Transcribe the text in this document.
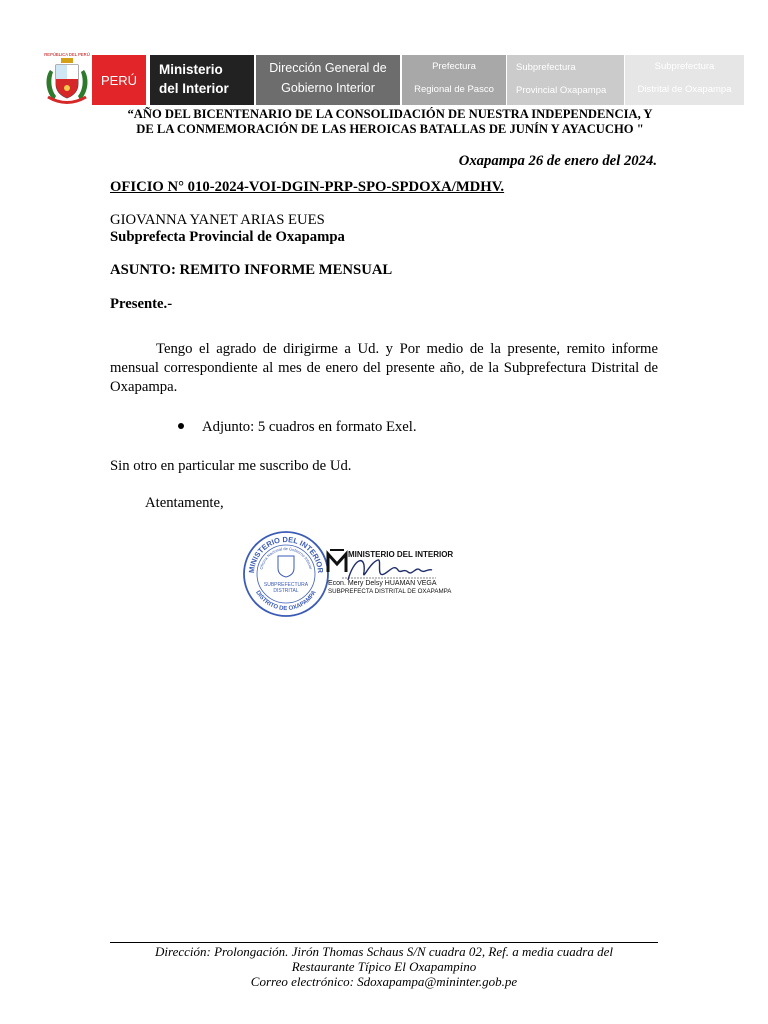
REPÚBLICA DEL PERÚ
PERÚ
Ministerio
del Interior
Dirección General de
Gobierno Interior
Prefectura
Regional de Pasco
Subprefectura
Provincial Oxapampa
Subprefectura
Distrital de Oxapampa
“AÑO DEL BICENTENARIO DE LA CONSOLIDACIÓN DE NUESTRA INDEPENDENCIA, Y
DE LA CONMEMORACIÓN DE LAS HEROICAS BATALLAS DE JUNÍN Y AYACUCHO "
Oxapampa 26 de enero del 2024.
OFICIO N° 010-2024-VOI-DGIN-PRP-SPO-SPDOXA/MDHV.
GIOVANNA YANET ARIAS EUES
Subprefecta Provincial de Oxapampa
ASUNTO: REMITO INFORME MENSUAL
Presente.-
Tengo el agrado de dirigirme a Ud. y Por medio de la presente, remito informe mensual correspondiente al mes de enero del presente año, de la Subprefectura Distrital de Oxapampa.
Adjunto: 5 cuadros en formato Exel.
Sin otro en particular me suscribo de Ud.
Atentamente,
MINISTERIO DEL INTERIOR
Oficina Nacional de Gobierno Interior
DISTRITO DE OXAPAMPA
SUBPREFECTURA
DISTRITAL
MINISTERIO DEL INTERIOR
Econ. Mery Delsy HUAMAN VEGA
SUBPREFECTA DISTRITAL DE OXAPAMPA
Dirección: Prolongación. Jirón Thomas Schaus S/N cuadra 02, Ref. a media cuadra del
Restaurante Típico El Oxapampino
Correo electrónico: Sdoxapampa@mininter.gob.pe
